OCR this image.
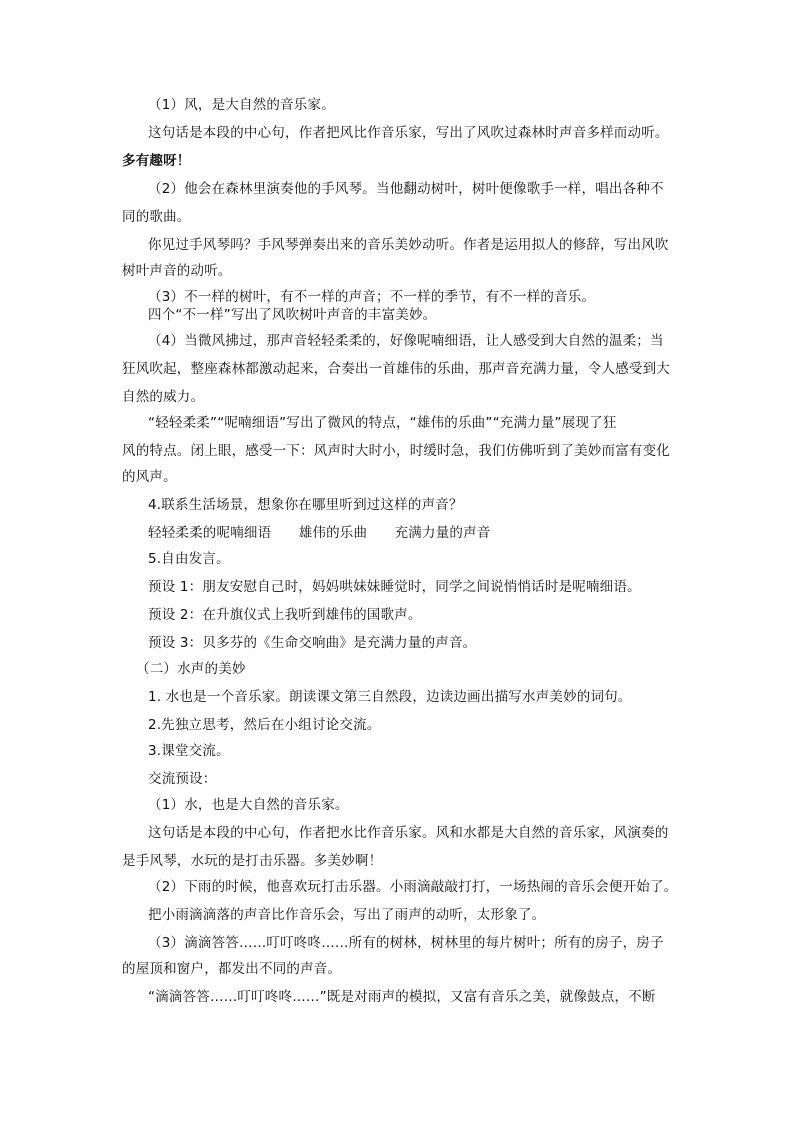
（1）风，是大自然的音乐家。
这句话是本段的中心句，作者把风比作音乐家，写出了风吹过森林时声音多样而动听。
多有趣呀！
（2）他会在森林里演奏他的手风琴。当他翻动树叶，树叶便像歌手一样，唱出各种不
同的歌曲。
你见过手风琴吗？手风琴弹奏出来的音乐美妙动听。作者是运用拟人的修辞，写出风吹
树叶声音的动听。
（3）不一样的树叶，有不一样的声音；不一样的季节，有不一样的音乐。
四个“不一样”写出了风吹树叶声音的丰富美妙。
（4）当微风拂过，那声音轻轻柔柔的，好像呢喃细语，让人感受到大自然的温柔；当
狂风吹起，整座森林都激动起来，合奏出一首雄伟的乐曲，那声音充满力量，令人感受到大
自然的威力。
“轻轻柔柔”“呢喃细语”写出了微风的特点，“雄伟的乐曲”“充满力量”展现了狂
风的特点。闭上眼，感受一下：风声时大时小，时缓时急，我们仿佛听到了美妙而富有变化
的风声。
4.联系生活场景，想象你在哪里听到过这样的声音？
轻轻柔柔的呢喃细语　　雄伟的乐曲　　充满力量的声音
5.自由发言。
预设 1：朋友安慰自己时，妈妈哄妹妹睡觉时，同学之间说悄悄话时是呢喃细语。
预设 2：在升旗仪式上我听到雄伟的国歌声。
预设 3：贝多芬的《生命交响曲》是充满力量的声音。
（二）水声的美妙
1. 水也是一个音乐家。朗读课文第三自然段，边读边画出描写水声美妙的词句。
2.先独立思考，然后在小组讨论交流。
3.课堂交流。
交流预设：
（1）水，也是大自然的音乐家。
这句话是本段的中心句，作者把水比作音乐家。风和水都是大自然的音乐家，风演奏的
是手风琴，水玩的是打击乐器。多美妙啊！
（2）下雨的时候，他喜欢玩打击乐器。小雨滴敲敲打打，一场热闹的音乐会便开始了。
把小雨滴滴落的声音比作音乐会，写出了雨声的动听，太形象了。
（3）滴滴答答……叮叮咚咚……所有的树林，树林里的每片树叶；所有的房子，房子
的屋顶和窗户，都发出不同的声音。
“滴滴答答……叮叮咚咚……”既是对雨声的模拟，又富有音乐之美，就像鼓点，不断
